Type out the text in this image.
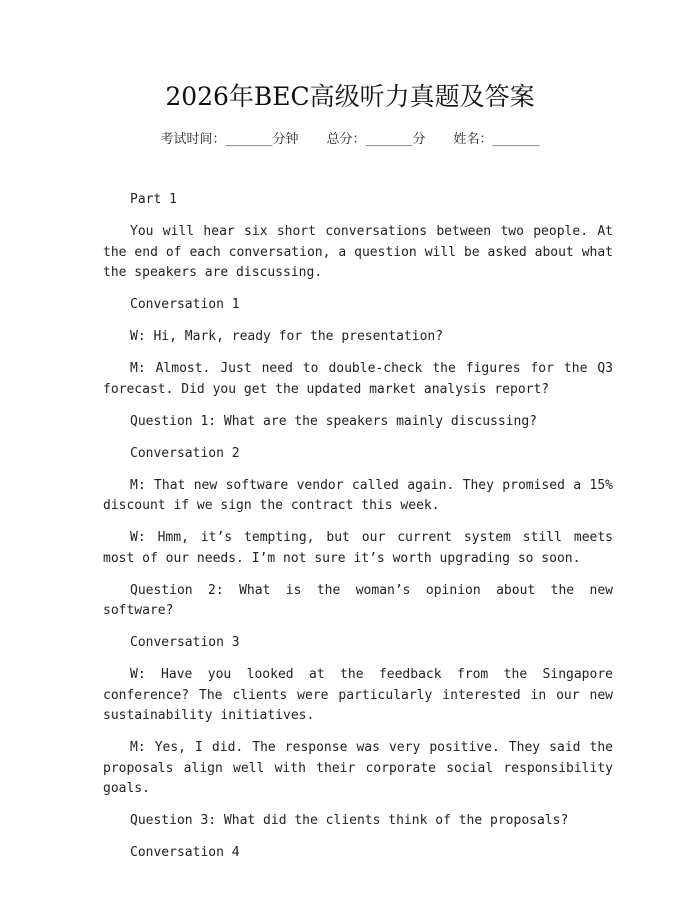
2026年BEC高级听力真题及答案
考试时间：______分钟 总分：______分 姓名：______

Part 1

You will hear six short conversations between two people. At the end of each conversation, a question will be asked about what the speakers are discussing.

Conversation 1

W: Hi, Mark, ready for the presentation?

M: Almost. Just need to double-check the figures for the Q3 forecast. Did you get the updated market analysis report?

Question 1: What are the speakers mainly discussing?

Conversation 2

M: That new software vendor called again. They promised a 15% discount if we sign the contract this week.

W: Hmm, it’s tempting, but our current system still meets most of our needs. I’m not sure it’s worth upgrading so soon.

Question 2: What is the woman’s opinion about the new software?

Conversation 3

W: Have you looked at the feedback from the Singapore conference? The clients were particularly interested in our new sustainability initiatives.

M: Yes, I did. The response was very positive. They said the proposals align well with their corporate social responsibility goals.

Question 3: What did the clients think of the proposals?

Conversation 4
